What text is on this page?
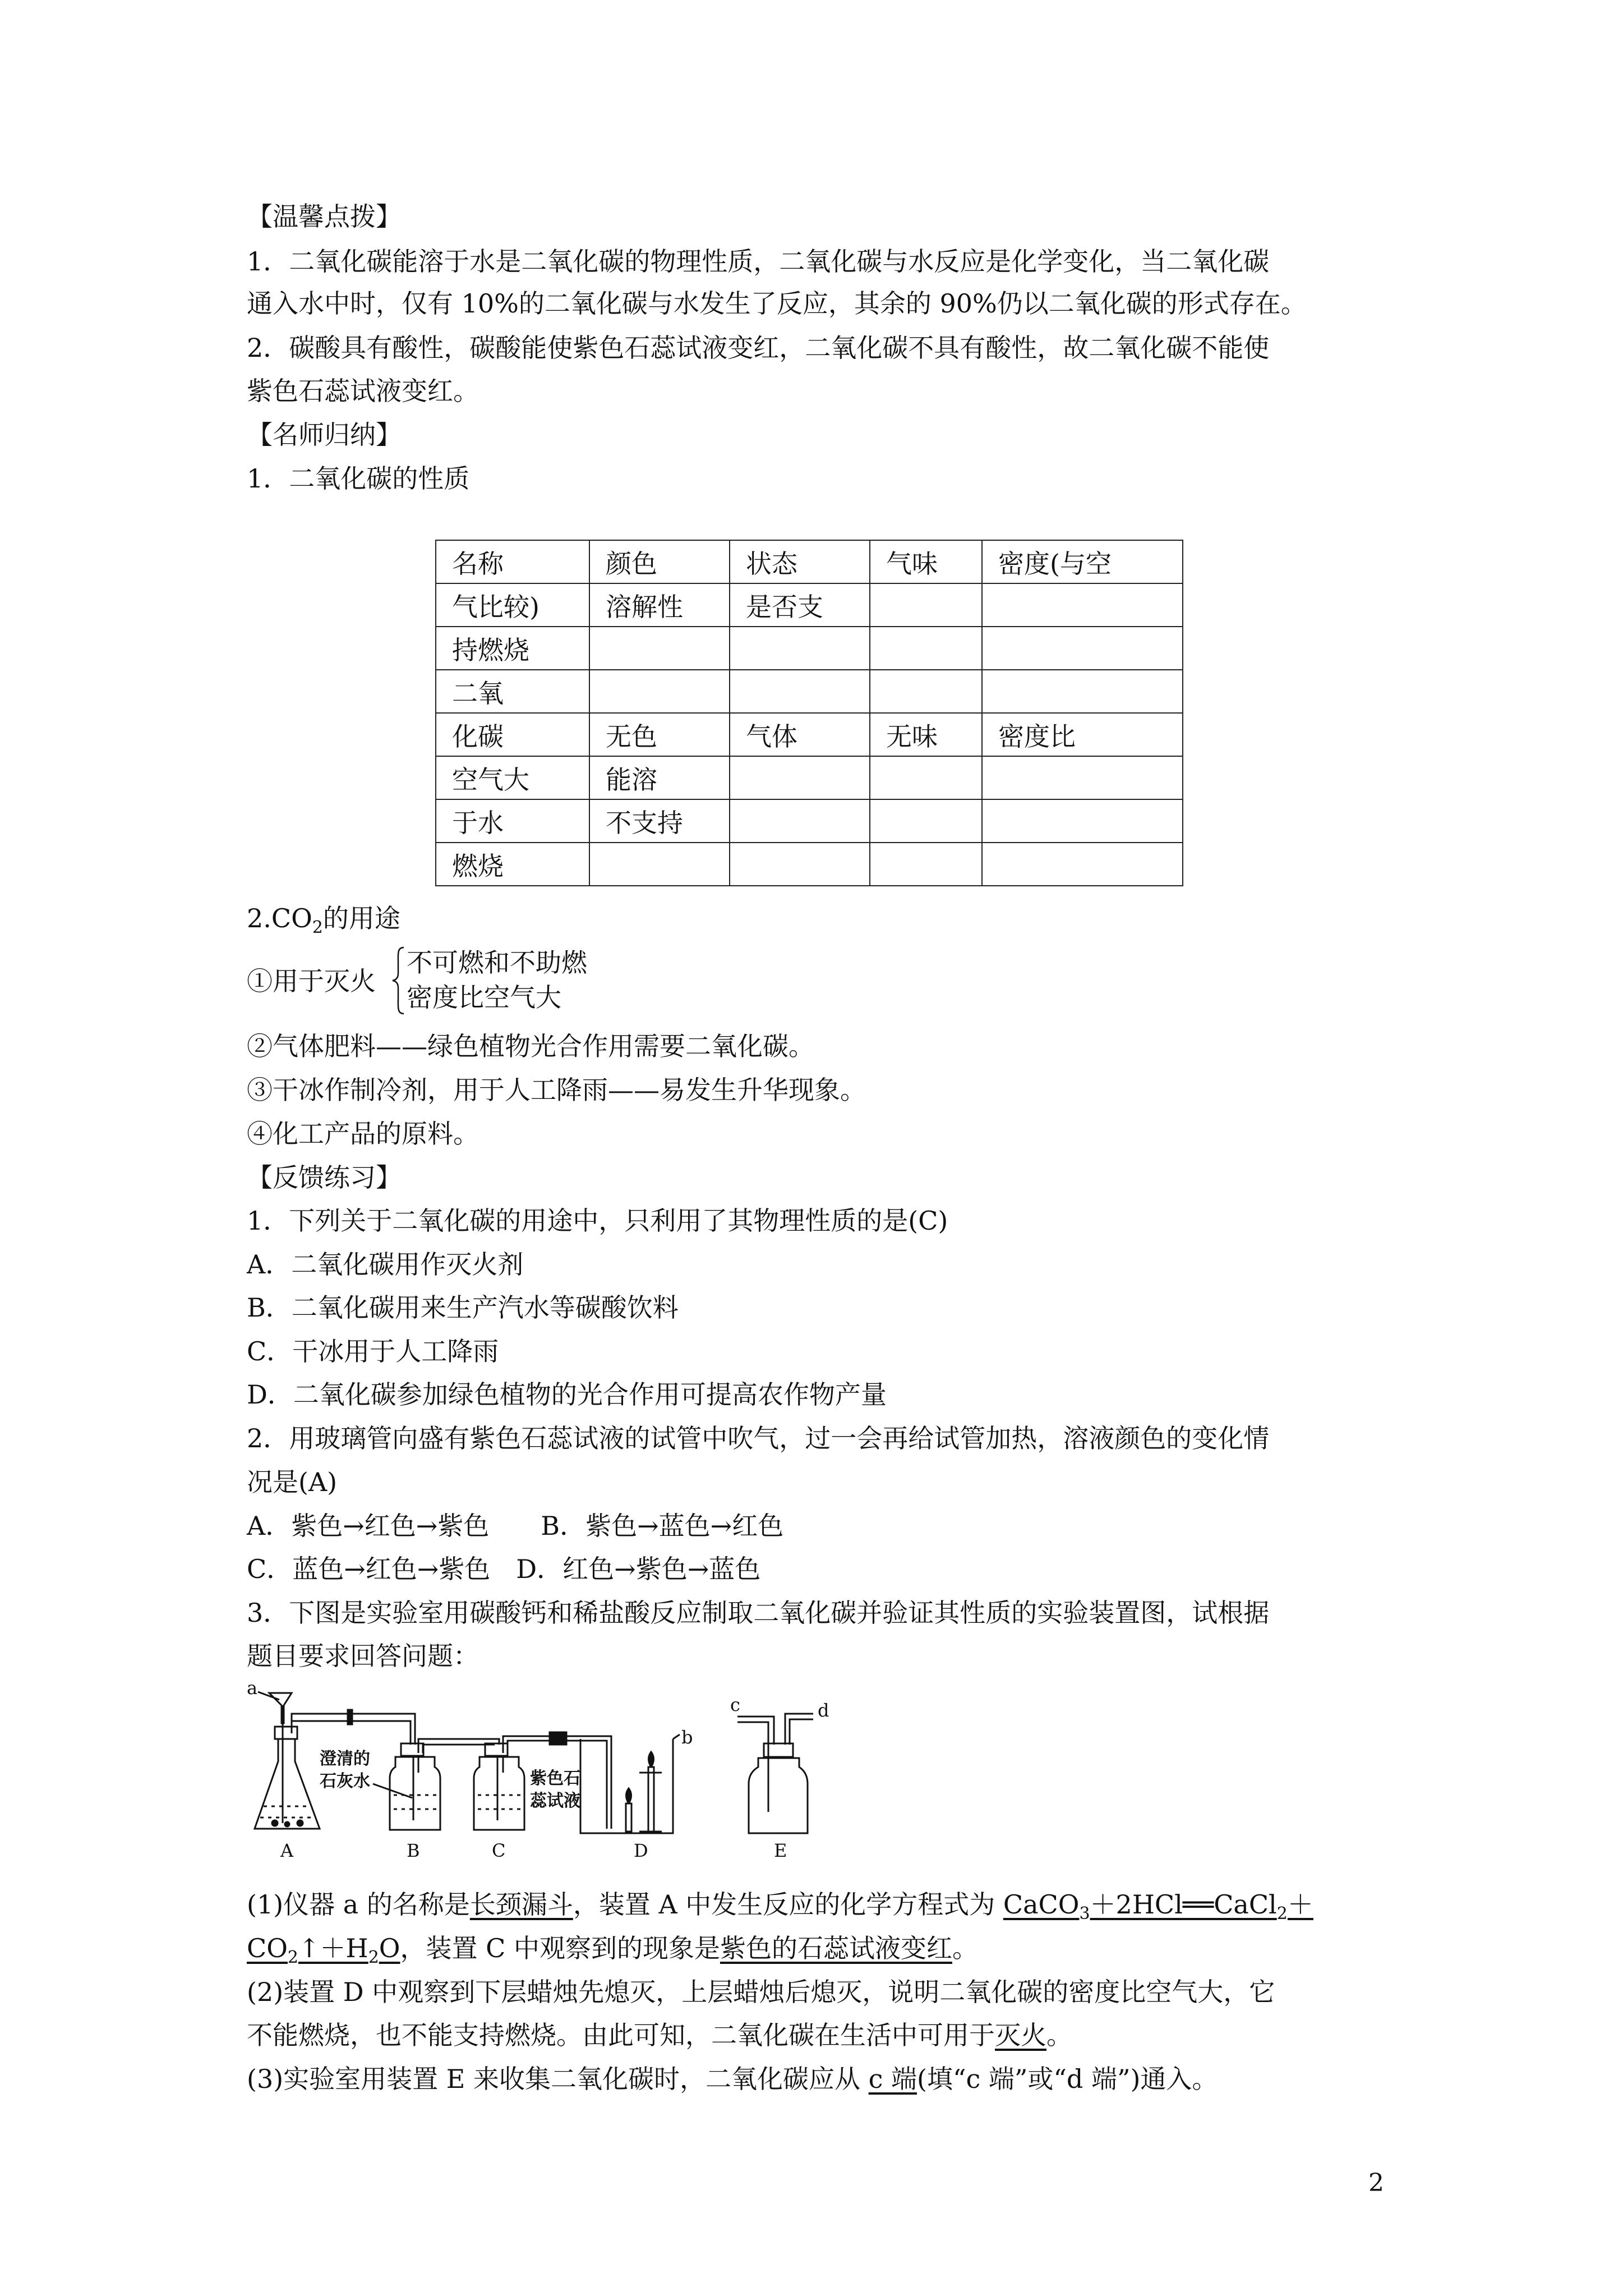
【温馨点拨】
1．二氧化碳能溶于水是二氧化碳的物理性质，二氧化碳与水反应是化学变化，当二氧化碳
通入水中时，仅有 10%的二氧化碳与水发生了反应，其余的 90%仍以二氧化碳的形式存在。
2．碳酸具有酸性，碳酸能使紫色石蕊试液变红，二氧化碳不具有酸性，故二氧化碳不能使
紫色石蕊试液变红。
【名师归纳】
1．二氧化碳的性质
名称	颜色	状态	气味	密度(与空
气比较)	溶解性	是否支		
持燃烧				
二氧				
化碳	无色	气体	无味	密度比
空气大	能溶			
于水	不支持			
燃烧				
$2.CO_2$的用途
①用于灭火
不可燃和不助燃
密度比空气大
②气体肥料——绿色植物光合作用需要二氧化碳。
③干冰作制冷剂，用于人工降雨——易发生升华现象。
④化工产品的原料。
【反馈练习】
1．下列关于二氧化碳的用途中，只利用了其物理性质的是(C)
A．二氧化碳用作灭火剂
B．二氧化碳用来生产汽水等碳酸饮料
C．干冰用于人工降雨
D．二氧化碳参加绿色植物的光合作用可提高农作物产量
2．用玻璃管向盛有紫色石蕊试液的试管中吹气，过一会再给试管加热，溶液颜色的变化情
况是(A)
A．紫色→红色→紫色　　B．紫色→蓝色→红色
C．蓝色→红色→紫色　D．红色→紫色→蓝色
3．下图是实验室用碳酸钙和稀盐酸反应制取二氧化碳并验证其性质的实验装置图，试根据
题目要求回答问题：
a
澄清的
石灰水	紫色石
蕊试液
b
c	d
A	B	C	D	E
(1)仪器 a 的名称是长颈漏斗，装置 A 中发生反应的化学方程式为 CaCO$_3$＋2HCl══CaCl$_2$＋
$CO_2↑+H_2O$，装置 C 中观察到的现象是紫色的石蕊试液变红。
(2)装置 D 中观察到下层蜡烛先熄灭，上层蜡烛后熄灭，说明二氧化碳的密度比空气大，它
不能燃烧，也不能支持燃烧。由此可知，二氧化碳在生活中可用于灭火。
(3)实验室用装置 E 来收集二氧化碳时，二氧化碳应从 c 端(填“c 端”或“d 端”)通入。
2
